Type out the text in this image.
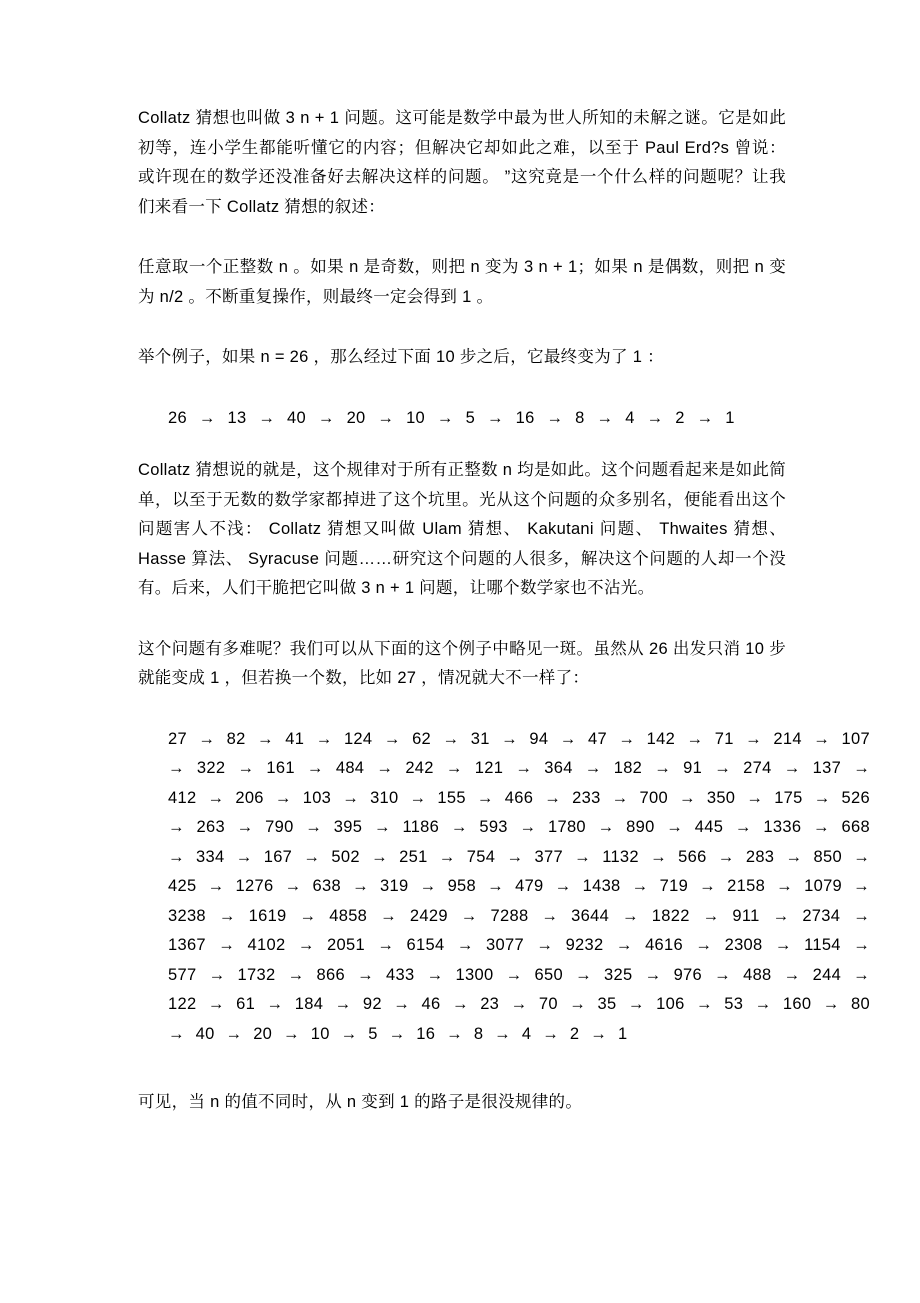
Collatz 猜想也叫做 3 n + 1 问题。这可能是数学中最为世人所知的未解之谜。它是如此初等，连小学生都能听懂它的内容；但解决它却如此之难，以至于 Paul Erd?s 曾说： 或许现在的数学还没准备好去解决这样的问题。 ”这究竟是一个什么样的问题呢？让我们来看一下 Collatz 猜想的叙述：

任意取一个正整数 n 。如果 n 是奇数，则把 n 变为 3 n + 1；如果 n 是偶数，则把 n 变为 n/2 。不断重复操作，则最终一定会得到 1 。

举个例子，如果 n = 26 ，那么经过下面 10 步之后，它最终变为了 1 ：

26 → 13 → 40 → 20 → 10 → 5 → 16 → 8 → 4 → 2 → 1

Collatz 猜想说的就是，这个规律对于所有正整数 n 均是如此。这个问题看起来是如此简单，以至于无数的数学家都掉进了这个坑里。光从这个问题的众多别名，便能看出这个问题害人不浅： Collatz 猜想又叫做 Ulam 猜想、 Kakutani 问题、 Thwaites 猜想、 Hasse 算法、 Syracuse 问题……研究这个问题的人很多，解决这个问题的人却一个没有。后来，人们干脆把它叫做 3 n + 1 问题，让哪个数学家也不沾光。

这个问题有多难呢？我们可以从下面的这个例子中略见一斑。虽然从 26 出发只消 10 步就能变成 1 ，但若换一个数，比如 27 ，情况就大不一样了：

27 → 82 → 41 → 124 → 62 → 31 → 94 → 47 → 142 → 71 → 214 → 107 → 322 → 161 → 484 → 242 → 121 → 364 → 182 → 91 → 274 → 137 → 412 → 206 → 103 → 310 → 155 → 466 → 233 → 700 → 350 → 175 → 526 → 263 → 790 → 395 → 1186 → 593 → 1780 → 890 → 445 → 1336 → 668 → 334 → 167 → 502 → 251 → 754 → 377 → 1132 → 566 → 283 → 850 → 425 → 1276 → 638 → 319 → 958 → 479 → 1438 → 719 → 2158 → 1079 → 3238 → 1619 → 4858 → 2429 → 7288 → 3644 → 1822 → 911 → 2734 → 1367 → 4102 → 2051 → 6154 → 3077 → 9232 → 4616 → 2308 → 1154 → 577 → 1732 → 866 → 433 → 1300 → 650 → 325 → 976 → 488 → 244 → 122 → 61 → 184 → 92 → 46 → 23 → 70 → 35 → 106 → 53 → 160 → 80 → 40 → 20 → 10 → 5 → 16 → 8 → 4 → 2 → 1

可见，当 n 的值不同时，从 n 变到 1 的路子是很没规律的。
